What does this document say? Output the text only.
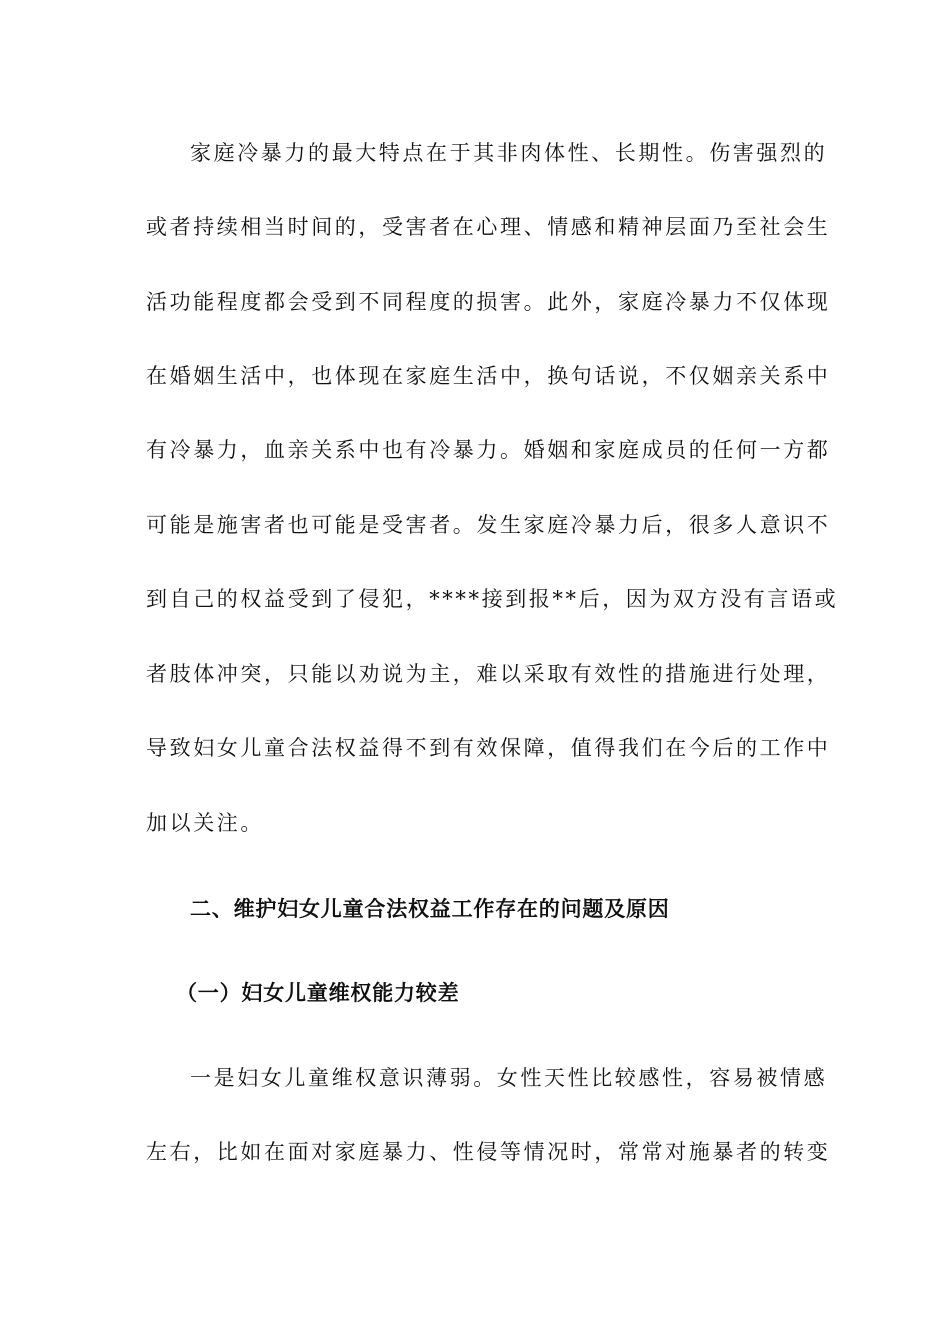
家庭冷暴力的最大特点在于其非肉体性、长期性。伤害强烈的
或者持续相当时间的，受害者在心理、情感和精神层面乃至社会生
活功能程度都会受到不同程度的损害。此外，家庭冷暴力不仅体现
在婚姻生活中，也体现在家庭生活中，换句话说，不仅姻亲关系中
有冷暴力，血亲关系中也有冷暴力。婚姻和家庭成员的任何一方都
可能是施害者也可能是受害者。发生家庭冷暴力后，很多人意识不
到自己的权益受到了侵犯，****接到报**后，因为双方没有言语或
者肢体冲突，只能以劝说为主，难以采取有效性的措施进行处理，
导致妇女儿童合法权益得不到有效保障，值得我们在今后的工作中
加以关注。
二、维护妇女儿童合法权益工作存在的问题及原因
（一）妇女儿童维权能力较差
一是妇女儿童维权意识薄弱。女性天性比较感性，容易被情感
左右，比如在面对家庭暴力、性侵等情况时，常常对施暴者的转变
